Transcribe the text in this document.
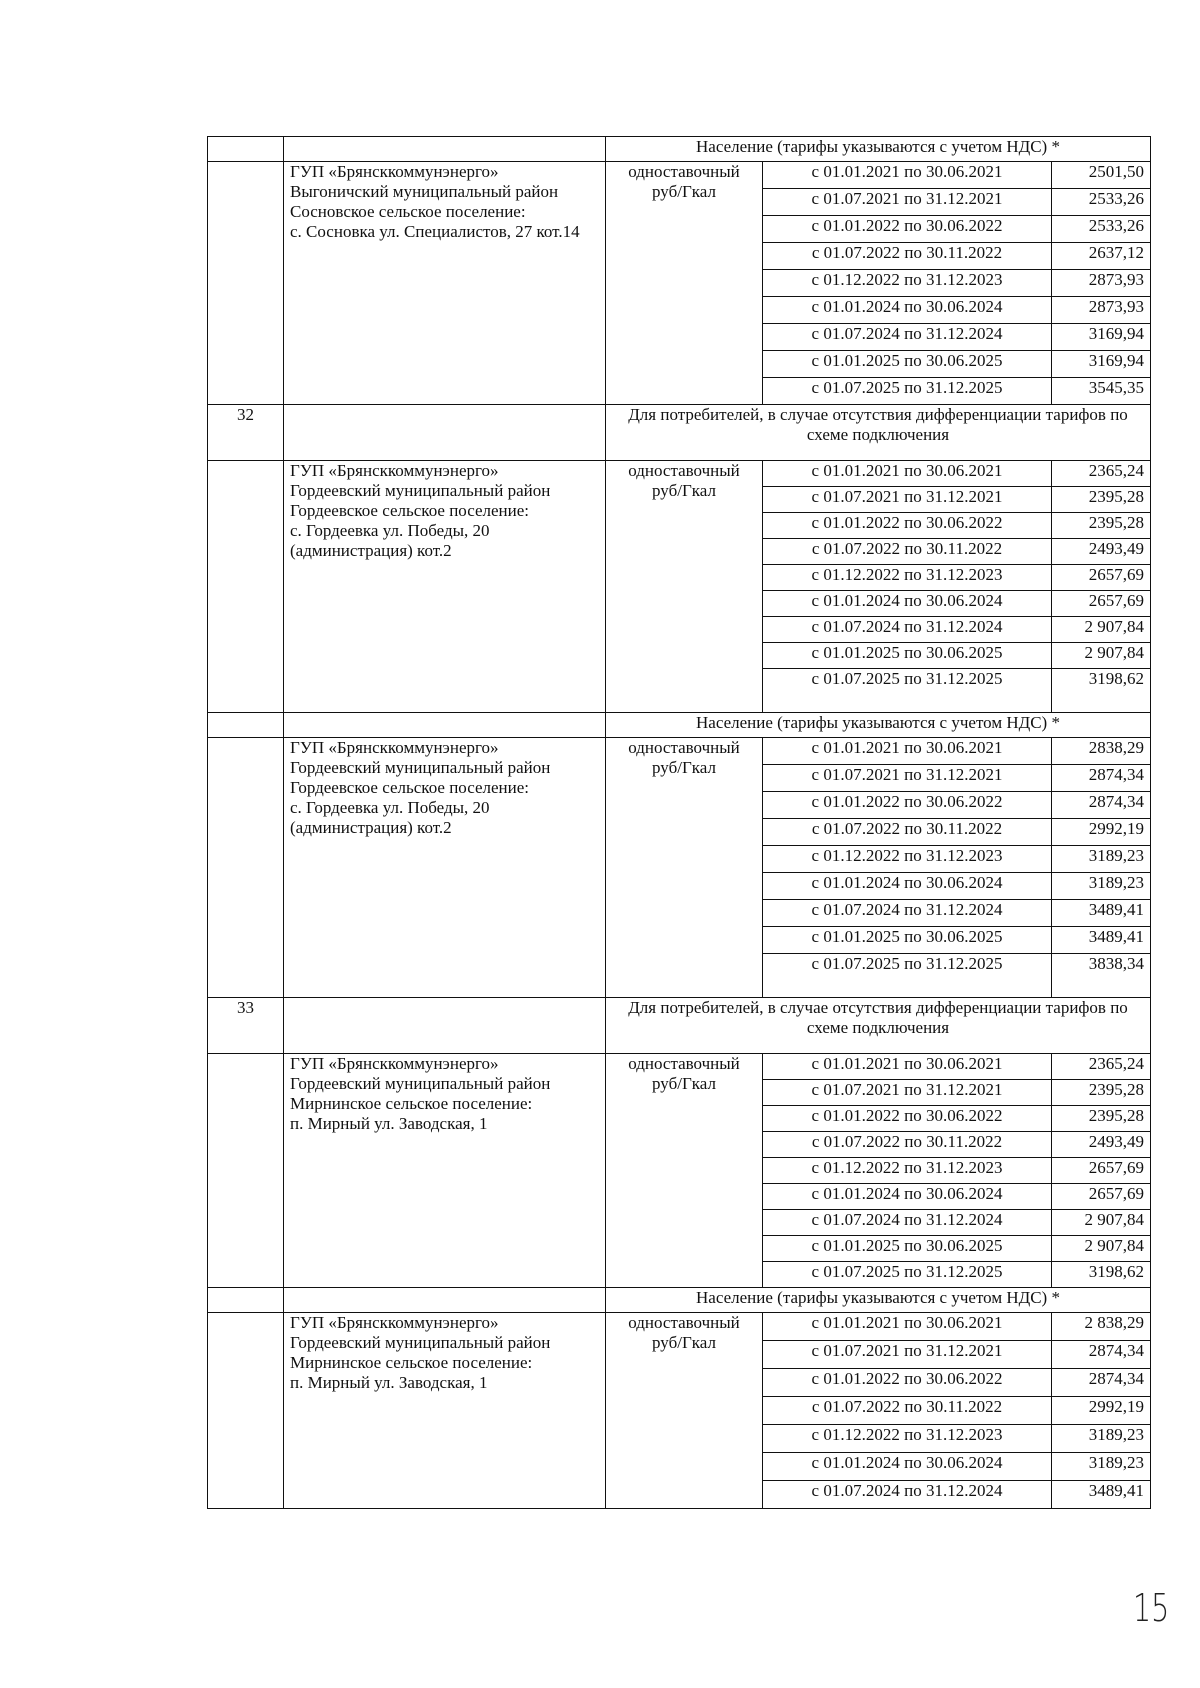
		Население (тарифы указываются с учетом НДС) *		
	ГУП «Брянсккоммунэнерго»
Выгоничский муниципальный район
Сосновское сельское поселение:
с. Сосновка ул. Специалистов, 27 кот.14	одноставочный
руб/Гкал	с 01.01.2021 по 30.06.2021	2501,50
			с 01.07.2021 по 31.12.2021	2533,26
			с 01.01.2022 по 30.06.2022	2533,26
			с 01.07.2022 по 30.11.2022	2637,12
			с 01.12.2022 по 31.12.2023	2873,93
			с 01.01.2024 по 30.06.2024	2873,93
			с 01.07.2024 по 31.12.2024	3169,94
			с 01.01.2025 по 30.06.2025	3169,94
			с 01.07.2025 по 31.12.2025	3545,35
32		Для потребителей, в случае отсутствия дифференциации тарифов по схеме подключения		
	ГУП «Брянсккоммунэнерго»
Гордеевский муниципальный район
Гордеевское сельское поселение:
с. Гордеевка ул. Победы, 20 (администрация) кот.2	одноставочный
руб/Гкал	с 01.01.2021 по 30.06.2021	2365,24
			с 01.07.2021 по 31.12.2021	2395,28
			с 01.01.2022 по 30.06.2022	2395,28
			с 01.07.2022 по 30.11.2022	2493,49
			с 01.12.2022 по 31.12.2023	2657,69
			с 01.01.2024 по 30.06.2024	2657,69
			с 01.07.2024 по 31.12.2024	2 907,84
			с 01.01.2025 по 30.06.2025	2 907,84
			с 01.07.2025 по 31.12.2025	3198,62
		Население (тарифы указываются с учетом НДС) *		
	ГУП «Брянсккоммунэнерго»
Гордеевский муниципальный район
Гордеевское сельское поселение:
с. Гордеевка ул. Победы, 20 (администрация) кот.2	одноставочный
руб/Гкал	с 01.01.2021 по 30.06.2021	2838,29
			с 01.07.2021 по 31.12.2021	2874,34
			с 01.01.2022 по 30.06.2022	2874,34
			с 01.07.2022 по 30.11.2022	2992,19
			с 01.12.2022 по 31.12.2023	3189,23
			с 01.01.2024 по 30.06.2024	3189,23
			с 01.07.2024 по 31.12.2024	3489,41
			с 01.01.2025 по 30.06.2025	3489,41
			с 01.07.2025 по 31.12.2025	3838,34
33		Для потребителей, в случае отсутствия дифференциации тарифов по схеме подключения		
	ГУП «Брянсккоммунэнерго»
Гордеевский муниципальный район
Мирнинское сельское поселение:
п. Мирный ул. Заводская, 1	одноставочный
руб/Гкал	с 01.01.2021 по 30.06.2021	2365,24
			с 01.07.2021 по 31.12.2021	2395,28
			с 01.01.2022 по 30.06.2022	2395,28
			с 01.07.2022 по 30.11.2022	2493,49
			с 01.12.2022 по 31.12.2023	2657,69
			с 01.01.2024 по 30.06.2024	2657,69
			с 01.07.2024 по 31.12.2024	2 907,84
			с 01.01.2025 по 30.06.2025	2 907,84
			с 01.07.2025 по 31.12.2025	3198,62
		Население (тарифы указываются с учетом НДС) *		
	ГУП «Брянсккоммунэнерго»
Гордеевский муниципальный район
Мирнинское сельское поселение:
п. Мирный ул. Заводская, 1	одноставочный
руб/Гкал	с 01.01.2021 по 30.06.2021	2 838,29
			с 01.07.2021 по 31.12.2021	2874,34
			с 01.01.2022 по 30.06.2022	2874,34
			с 01.07.2022 по 30.11.2022	2992,19
			с 01.12.2022 по 31.12.2023	3189,23
			с 01.01.2024 по 30.06.2024	3189,23
			с 01.07.2024 по 31.12.2024	3489,41
15
